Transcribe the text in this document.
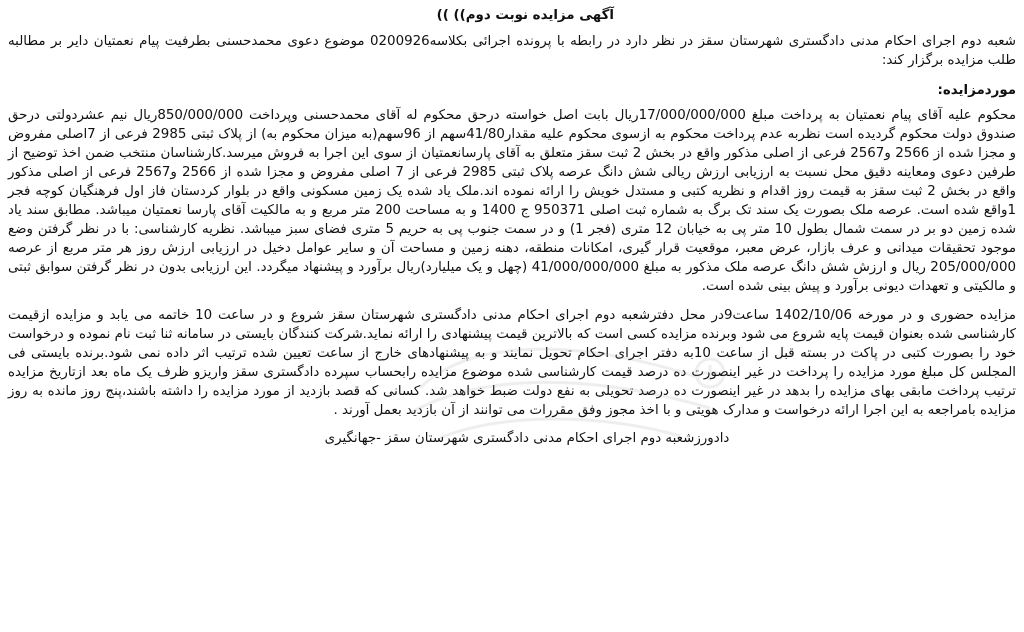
آگهی مزایده نوبت دوم)) ))

شعبه دوم اجرای احکام مدنی دادگستری شهرستان سقز در نظر دارد در رابطه با پرونده اجرائی بکلاسه0200926 موضوع دعوی محمدحسنی بطرفیت پیام نعمتیان دایر بر مطالبه طلب مزایده برگزار کند:

موردمزایده:

محکوم علیه آقای پیام نعمتیان به پرداخت مبلغ 17/000/000/000ریال بابت اصل خواسته درحق محکوم له آقای محمدحسنی وپرداخت 850/000/000ریال نیم عشردولتی درحق صندوق دولت محکوم گردیده است نظربه عدم پرداخت محکوم به ازسوی محکوم علیه مقدار41/80سهم از 96سهم(به میزان محکوم به) از پلاک ثبتی 2985 فرعی از 7اصلی مفروض و مجزا شده از 2566 و2567 فرعی از اصلی مذکور واقع در بخش 2 ثبت سقز متعلق به آقای پارسانعمتیان از سوی این اجرا به فروش میرسد.کارشناسان منتخب ضمن اخذ توضیح از طرفین دعوی ومعاینه دقیق محل نسبت به ارزیابی ارزش ریالی شش دانگ عرصه پلاک ثبتی 2985 فرعی از 7 اصلی مفروض و مجزا شده از 2566 و2567 فرعی از اصلی مذکور واقع در بخش 2 ثبت سقز به قیمت روز اقدام و نظریه کتبی و مستدل خویش را ارائه نموده اند.ملک یاد شده یک زمین مسکونی واقع در بلوار کردستان فاز اول فرهنگیان کوچه فجر 1واقع شده است. عرصه ملک بصورت یک سند تک برگ به شماره ثبت اصلی 950371 ج 1400 و به مساحت 200 متر مربع و به مالکیت آقای پارسا نعمتیان میباشد. مطابق سند یاد شده زمین دو بر در سمت شمال بطول 10 متر پی به خیابان 12 متری (فجر 1) و در سمت جنوب پی به حریم 5 متری فضای سبز میباشد. نظریه کارشناسی: با در نظر گرفتن وضع موجود تحقیقات میدانی و عرف بازار، عرض معبر، موقعیت قرار گیری، امکانات منطقه، دهنه زمین و مساحت آن و سایر عوامل دخیل در ارزیابی ارزش روز هر متر مربع از عرصه 205/000/000 ریال و ارزش شش دانگ عرصه ملک مذکور به مبلغ 41/000/000/000 (چهل و یک میلیارد)ریال برآورد و پیشنهاد میگردد. این ارزیابی بدون در نظر گرفتن سوابق ثبتی و مالکیتی و تعهدات دیونی برآورد و پیش بینی شده است.

مزایده حضوری و در مورخه 1402/10/06 ساعت9در محل دفترشعبه دوم اجرای احکام مدنی دادگستری شهرستان سقز شروع و در ساعت 10 خاتمه می یابد و مزایده ازقیمت کارشناسی شده بعنوان قیمت پایه شروع می شود وبرنده مزایده کسی است که بالاترین قیمت پیشنهادی را ارائه نماید.شرکت کنندگان بایستی در سامانه ثنا ثبت نام نموده و درخواست خود را بصورت کتبی در پاکت در بسته قبل از ساعت 10به دفتر اجرای احکام تحویل نمایند و به پیشنهادهای خارج از ساعت تعیین شده ترتیب اثر داده نمی شود.برنده بایستی فی المجلس کل مبلغ مورد مزایده را پرداخت در غیر اینصورت ده درصد قیمت کارشناسی شده موضوع مزایده رابحساب سپرده دادگستری سقز واریزو ظرف یک ماه بعد ازتاریخ مزایده ترتیب پرداخت مابقی بهای مزایده را بدهد در غیر اینصورت ده درصد تحویلی به نفع دولت ضبط خواهد شد. کسانی که قصد بازدید از مورد مزایده را داشته باشند،پنج روز مانده به روز مزایده بامراجعه به این اجرا ارائه درخواست و مدارک هویتی و با اخذ مجوز وفق مقررات می توانند از آن بازدید بعمل آورند .

دادورزشعبه دوم اجرای احکام مدنی دادگستری شهرستان سقز -جهانگیری
